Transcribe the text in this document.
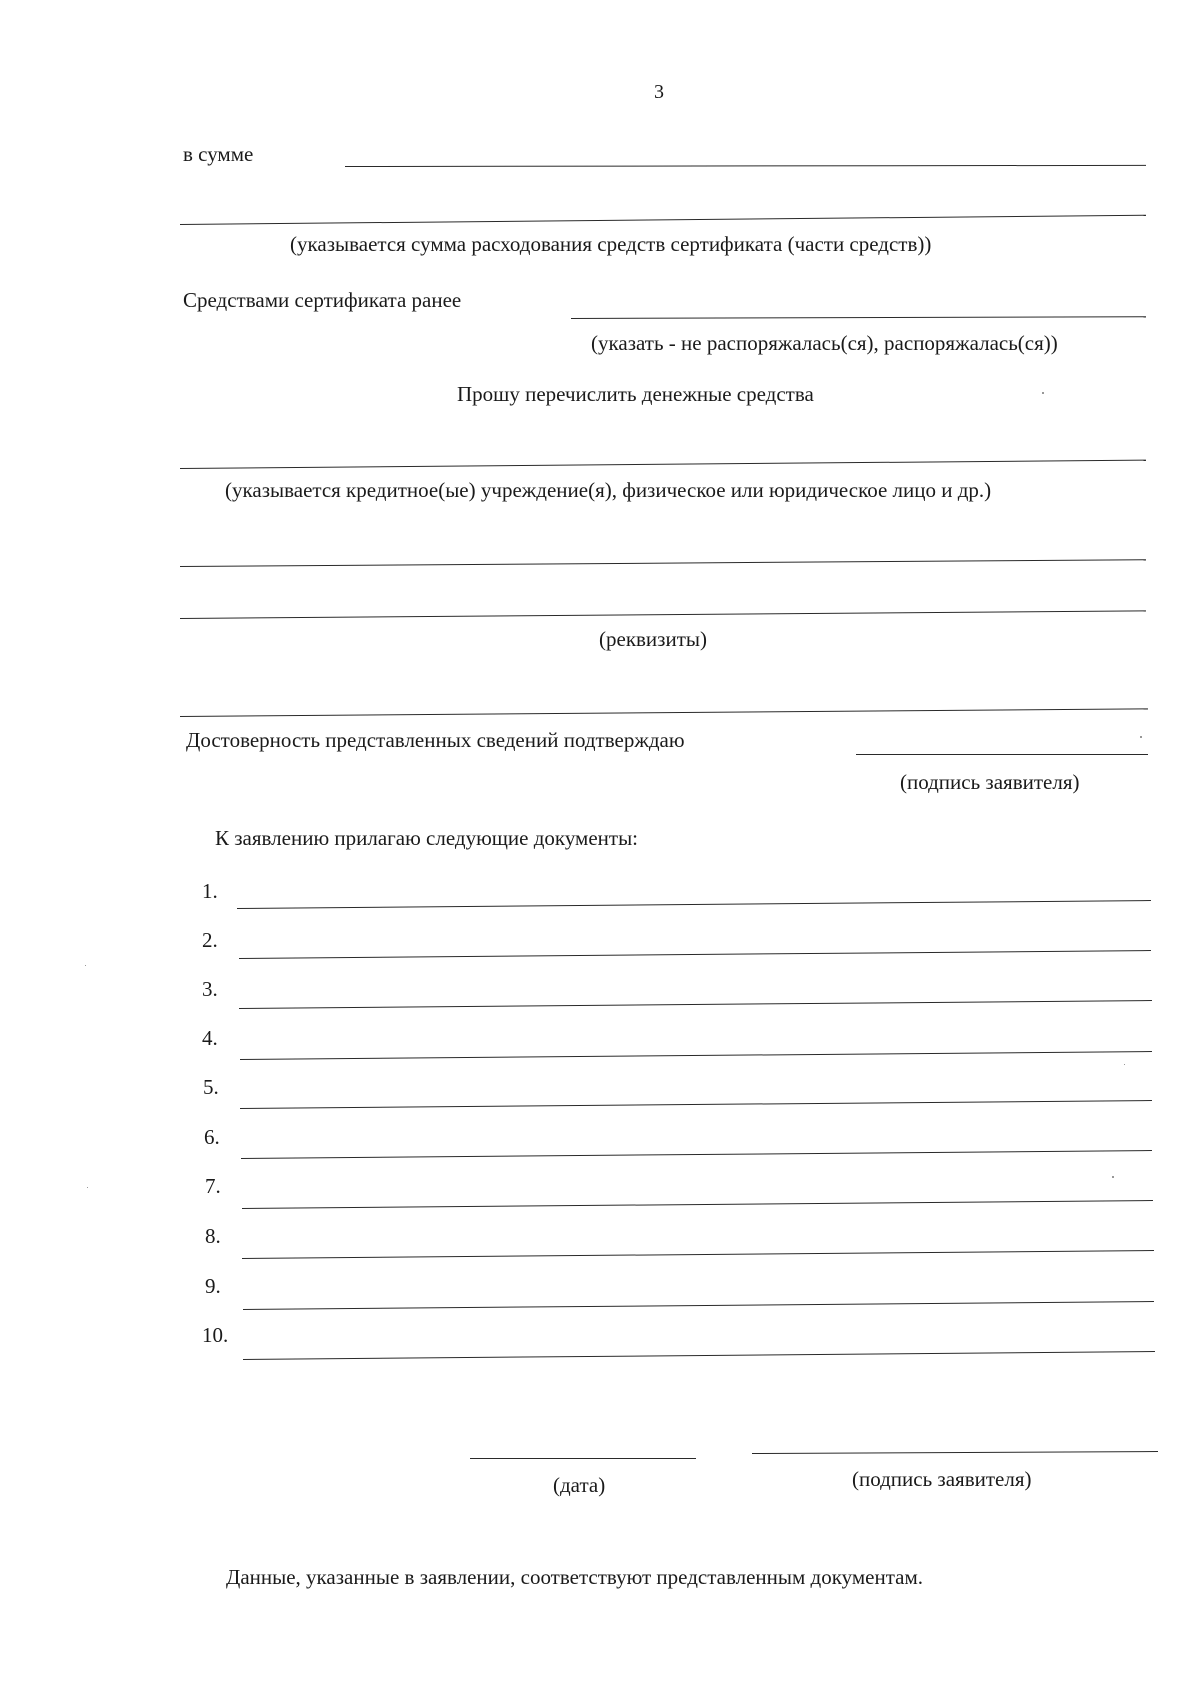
3
в сумме
(указывается сумма расходования средств сертификата (части средств))
Средствами сертификата ранее
(указать - не распоряжалась(ся), распоряжалась(ся))
Прошу перечислить денежные средства
(указывается кредитное(ые) учреждение(я), физическое или юридическое лицо и др.)
(реквизиты)
Достоверность представленных сведений подтверждаю
(подпись заявителя)
К заявлению прилагаю следующие документы:
1.
2.
3.
4.
5.
6.
7.
8.
9.
10.
(дата)	(подпись заявителя)
Данные, указанные в заявлении, соответствуют представленным документам.
